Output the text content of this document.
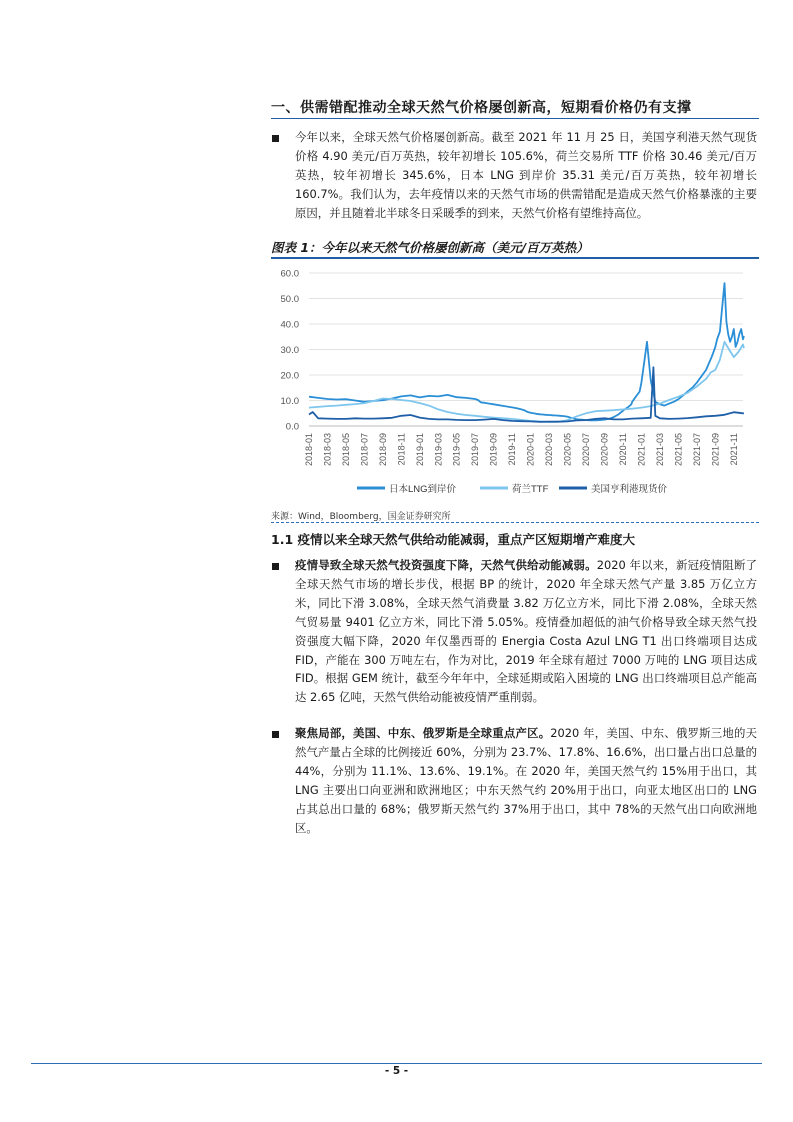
一、供需错配推动全球天然气价格屡创新高，短期看价格仍有支撑
今年以来，全球天然气价格屡创新高。截至 2021 年 11 月 25 日，美国亨利港天然气现货价格 4.90 美元/百万英热，较年初增长 105.6%，荷兰交易所 TTF 价格 30.46 美元/百万英热，较年初增长 345.6%，日本 LNG 到岸价 35.31 美元/百万英热，较年初增长 160.7%。我们认为，去年疫情以来的天然气市场的供需错配是造成天然气价格暴涨的主要原因，并且随着北半球冬日采暖季的到来，天然气价格有望维持高位。
图表 1：今年以来天然气价格屡创新高（美元/百万英热）
0.0
10.0
20.0
30.0
40.0
50.0
60.0
2018-01 2018-03 2018-05 2018-07 2018-09 2018-11 2019-01 2019-03 2019-05 2019-07 2019-09 2019-11 2020-01 2020-03 2020-05 2020-07 2020-09 2020-11 2021-01 2021-03 2021-05 2021-07 2021-09 2021-11
日本LNG到岸价	荷兰TTF	美国亨利港现货价
来源：Wind，Bloomberg，国金证券研究所
1.1 疫情以来全球天然气供给动能减弱，重点产区短期增产难度大
疫情导致全球天然气投资强度下降，天然气供给动能减弱。2020 年以来，新冠疫情阻断了全球天然气市场的增长步伐，根据 BP 的统计，2020 年全球天然气产量 3.85 万亿立方米，同比下滑 3.08%，全球天然气消费量 3.82 万亿立方米，同比下滑 2.08%，全球天然气贸易量 9401 亿立方米，同比下滑 5.05%。疫情叠加超低的油气价格导致全球天然气投资强度大幅下降，2020 年仅墨西哥的 Energia Costa Azul LNG T1 出口终端项目达成 FID，产能在 300 万吨左右，作为对比，2019 年全球有超过 7000 万吨的 LNG 项目达成 FID。根据 GEM 统计，截至今年年中，全球延期或陷入困境的 LNG 出口终端项目总产能高达 2.65 亿吨，天然气供给动能被疫情严重削弱。
聚焦局部，美国、中东、俄罗斯是全球重点产区。2020 年，美国、中东、俄罗斯三地的天然气产量占全球的比例接近 60%，分别为 23.7%、17.8%、16.6%，出口量占出口总量的 44%，分别为 11.1%、13.6%、19.1%。在 2020 年，美国天然气约 15%用于出口，其 LNG 主要出口向亚洲和欧洲地区；中东天然气约 20%用于出口，向亚太地区出口的 LNG 占其总出口量的 68%；俄罗斯天然气约 37%用于出口，其中 78%的天然气出口向欧洲地区。
- 5 -
